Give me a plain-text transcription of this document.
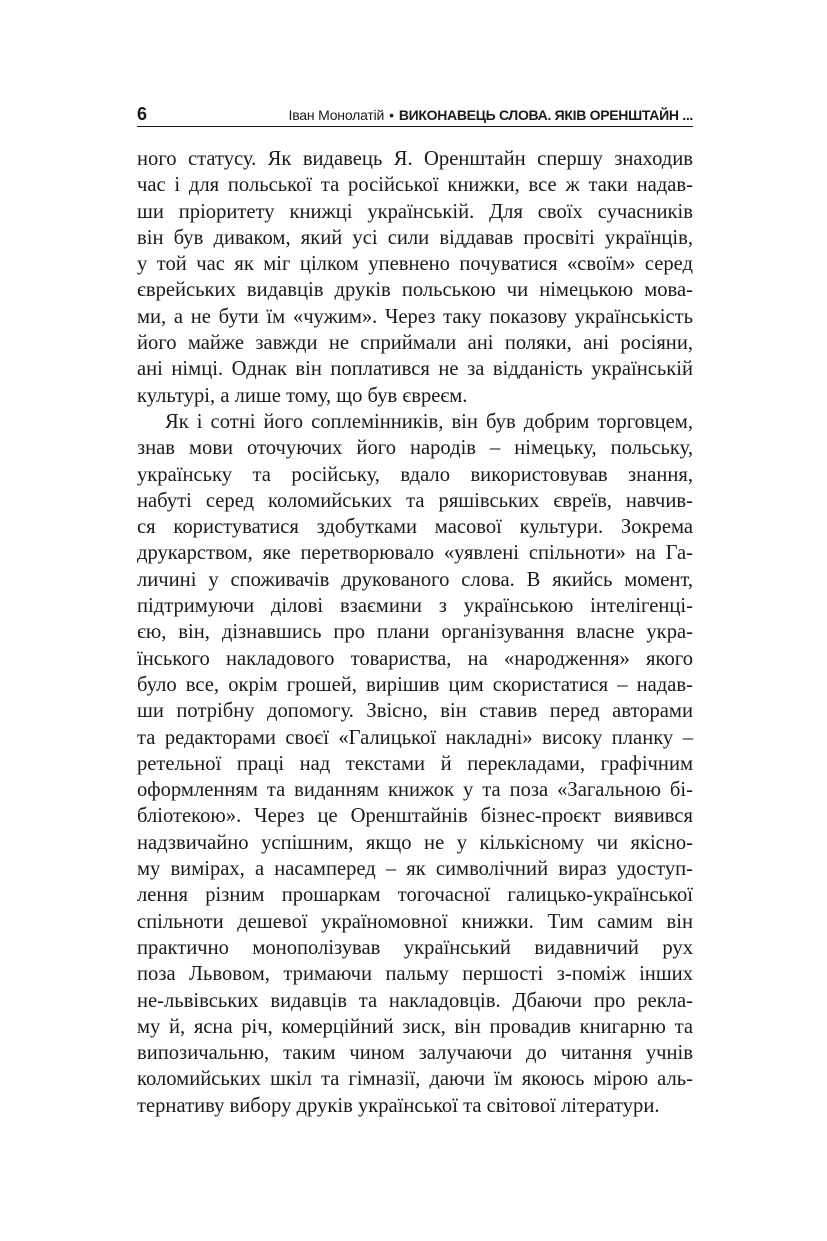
6	Іван Монолатій • ВИКОНАВЕЦЬ СЛОВА. ЯКІВ ОРЕНШТАЙН ...
ного статусу. Як видавець Я. Оренштайн спершу знаходив
час і для польської та російської книжки, все ж таки надав-
ши пріоритету книжці українській. Для своїх сучасників
він був диваком, який усі сили віддавав просвіті українців,
у той час як міг цілком упевнено почуватися «своїм» серед
єврейських видавців друків польською чи німецькою мова-
ми, а не бути їм «чужим». Через таку показову українськість
його майже завжди не сприймали ані поляки, ані росіяни,
ані німці. Однак він поплатився не за відданість українській
культурі, а лише тому, що був євреєм.
Як і сотні його соплемінників, він був добрим торговцем,
знав мови оточуючих його народів – німецьку, польську,
українську та російську, вдало використовував знання,
набуті серед коломийських та ряшівських євреїв, навчив-
ся користуватися здобутками масової культури. Зокрема
друкарством, яке перетворювало «уявлені спільноти» на Га-
личині у споживачів друкованого слова. В якийсь момент,
підтримуючи ділові взаємини з українською інтелігенці-
єю, він, дізнавшись про плани організування власне укра-
їнського накладового товариства, на «народження» якого
було все, окрім грошей, вирішив цим скористатися – надав-
ши потрібну допомогу. Звісно, він ставив перед авторами
та редакторами своєї «Галицької накладні» високу планку –
ретельної праці над текстами й перекладами, графічним
оформленням та виданням книжок у та поза «Загальною бі-
бліотекою». Через це Оренштайнів бізнес-проєкт виявився
надзвичайно успішним, якщо не у кількісному чи якісно-
му вимірах, а насамперед – як символічний вираз удоступ-
лення різним прошаркам тогочасної галицько-української
спільноти дешевої україномовної книжки. Тим самим він
практично монополізував український видавничий рух
поза Львовом, тримаючи пальму першості з-поміж інших
не-львівських видавців та накладовців. Дбаючи про рекла-
му й, ясна річ, комерційний зиск, він провадив книгарню та
випозичальню, таким чином залучаючи до читання учнів
коломийських шкіл та гімназії, даючи їм якоюсь мірою аль-
тернативу вибору друків української та світової літератури.
